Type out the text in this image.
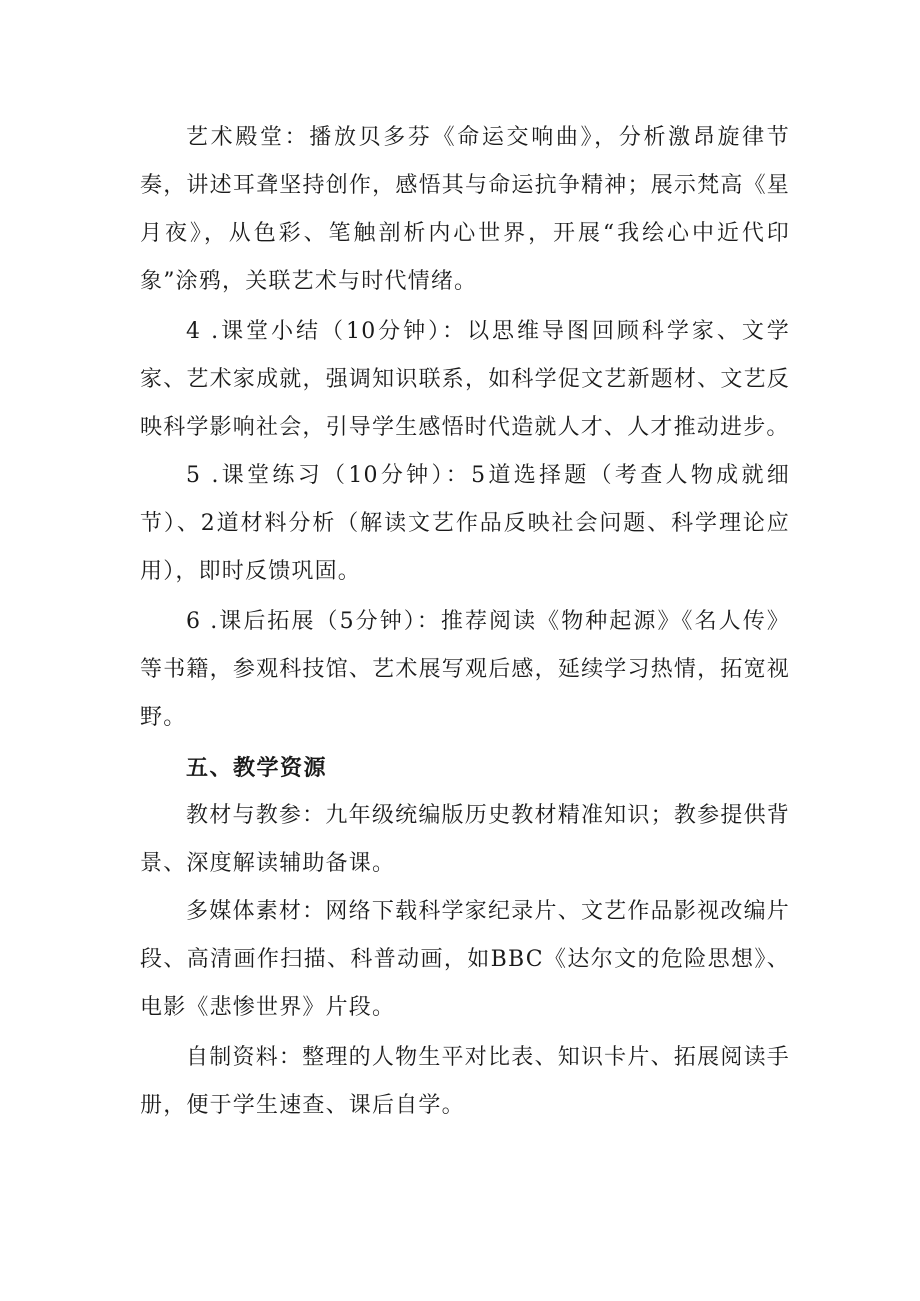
艺术殿堂：播放贝多芬《命运交响曲》，分析激昂旋律节奏，讲述耳聋坚持创作，感悟其与命运抗争精神；展示梵高《星月夜》，从色彩、笔触剖析内心世界，开展“我绘心中近代印象”涂鸦，关联艺术与时代情绪。

4 .课堂小结（10分钟）：以思维导图回顾科学家、文学家、艺术家成就，强调知识联系，如科学促文艺新题材、文艺反映科学影响社会，引导学生感悟时代造就人才、人才推动进步。

5 .课堂练习（10分钟）：5道选择题（考查人物成就细节）、2道材料分析（解读文艺作品反映社会问题、科学理论应用），即时反馈巩固。

6 .课后拓展（5分钟）：推荐阅读《物种起源》《名人传》等书籍，参观科技馆、艺术展写观后感，延续学习热情，拓宽视野。

五、教学资源

教材与教参：九年级统编版历史教材精准知识；教参提供背景、深度解读辅助备课。

多媒体素材：网络下载科学家纪录片、文艺作品影视改编片段、高清画作扫描、科普动画，如BBC《达尔文的危险思想》、电影《悲惨世界》片段。

自制资料：整理的人物生平对比表、知识卡片、拓展阅读手册，便于学生速查、课后自学。
